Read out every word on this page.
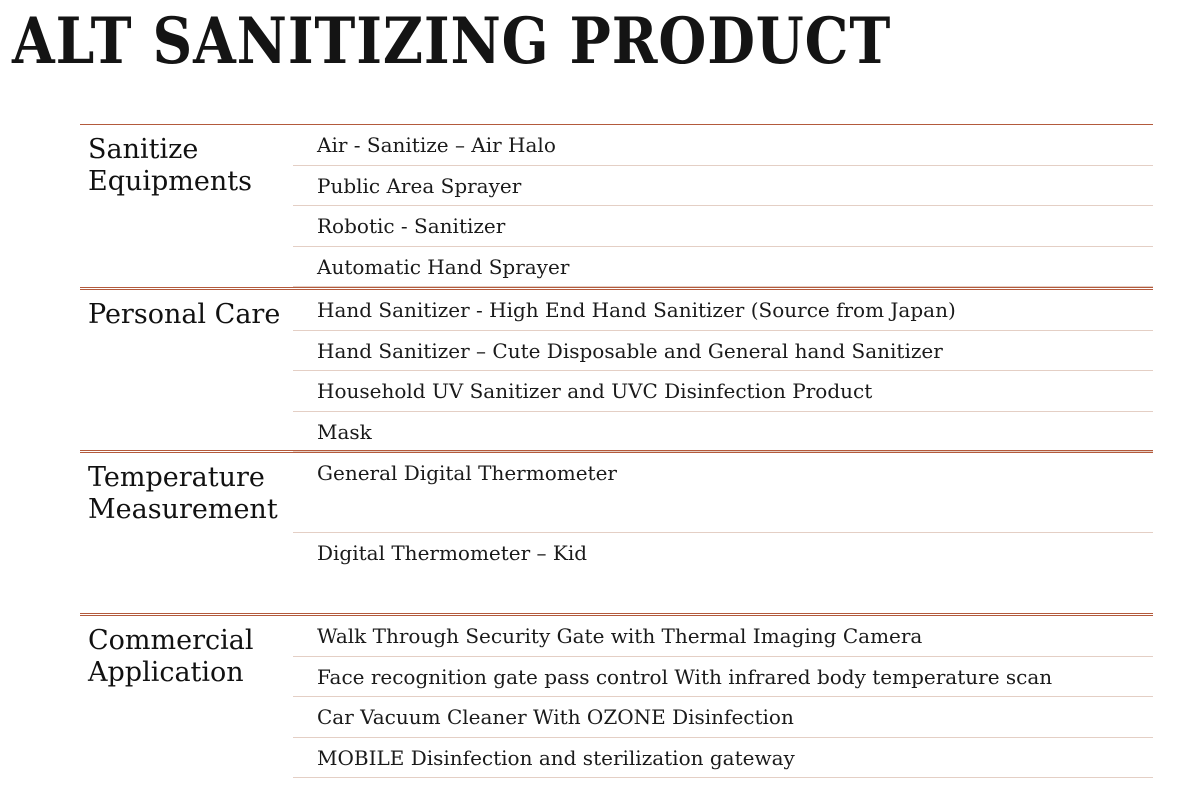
ALT SANITIZING PRODUCT
Sanitize Equipments
Air - Sanitize – Air Halo
Public Area Sprayer
Robotic - Sanitizer
Automatic Hand Sprayer
Personal Care	Hand Sanitizer - High End Hand Sanitizer (Source from Japan)
Hand Sanitizer – Cute Disposable and General hand Sanitizer
Household UV Sanitizer and UVC Disinfection Product
Mask
Temperature Measurement
General Digital Thermometer
Digital Thermometer – Kid
Commercial Application
Walk Through Security Gate with Thermal Imaging Camera
Face recognition gate pass control With infrared body temperature scan
Car Vacuum Cleaner With OZONE Disinfection
MOBILE Disinfection and sterilization gateway
